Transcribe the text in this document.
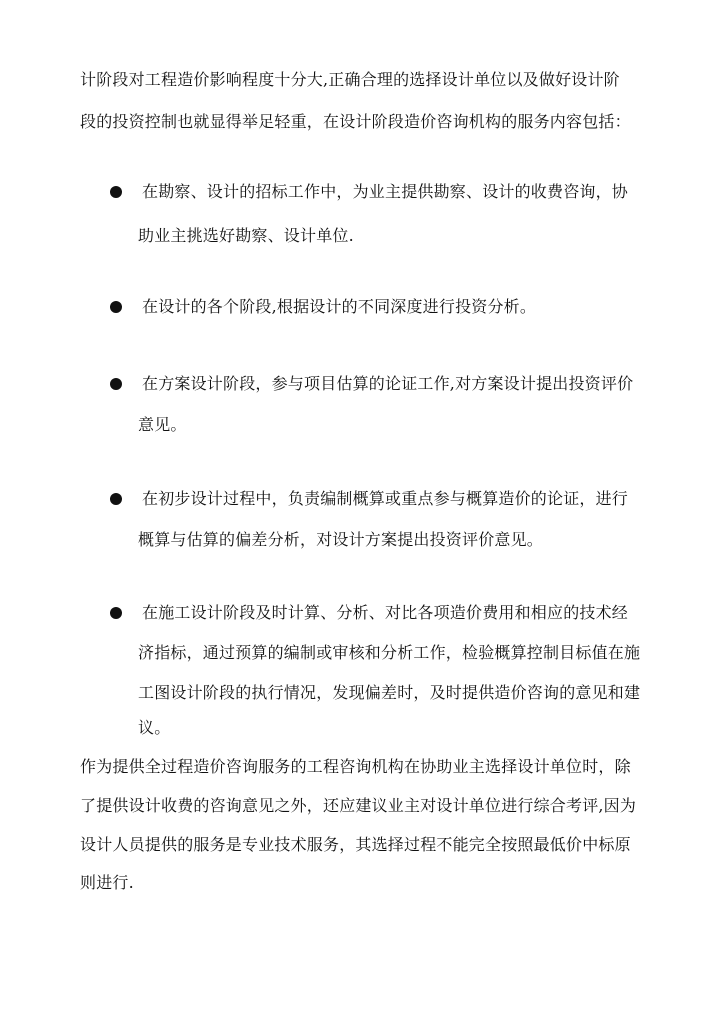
计阶段对工程造价影响程度十分大,正确合理的选择设计单位以及做好设计阶
段的投资控制也就显得举足轻重，在设计阶段造价咨询机构的服务内容包括：
在勘察、设计的招标工作中，为业主提供勘察、设计的收费咨询，协
助业主挑选好勘察、设计单位.
在设计的各个阶段,根据设计的不同深度进行投资分析。
在方案设计阶段，参与项目估算的论证工作,对方案设计提出投资评价
意见。
在初步设计过程中，负责编制概算或重点参与概算造价的论证，进行
概算与估算的偏差分析，对设计方案提出投资评价意见。
在施工设计阶段及时计算、分析、对比各项造价费用和相应的技术经
济指标，通过预算的编制或审核和分析工作，检验概算控制目标值在施
工图设计阶段的执行情况，发现偏差时，及时提供造价咨询的意见和建
议。
作为提供全过程造价咨询服务的工程咨询机构在协助业主选择设计单位时，除
了提供设计收费的咨询意见之外，还应建议业主对设计单位进行综合考评,因为
设计人员提供的服务是专业技术服务，其选择过程不能完全按照最低价中标原
则进行.
